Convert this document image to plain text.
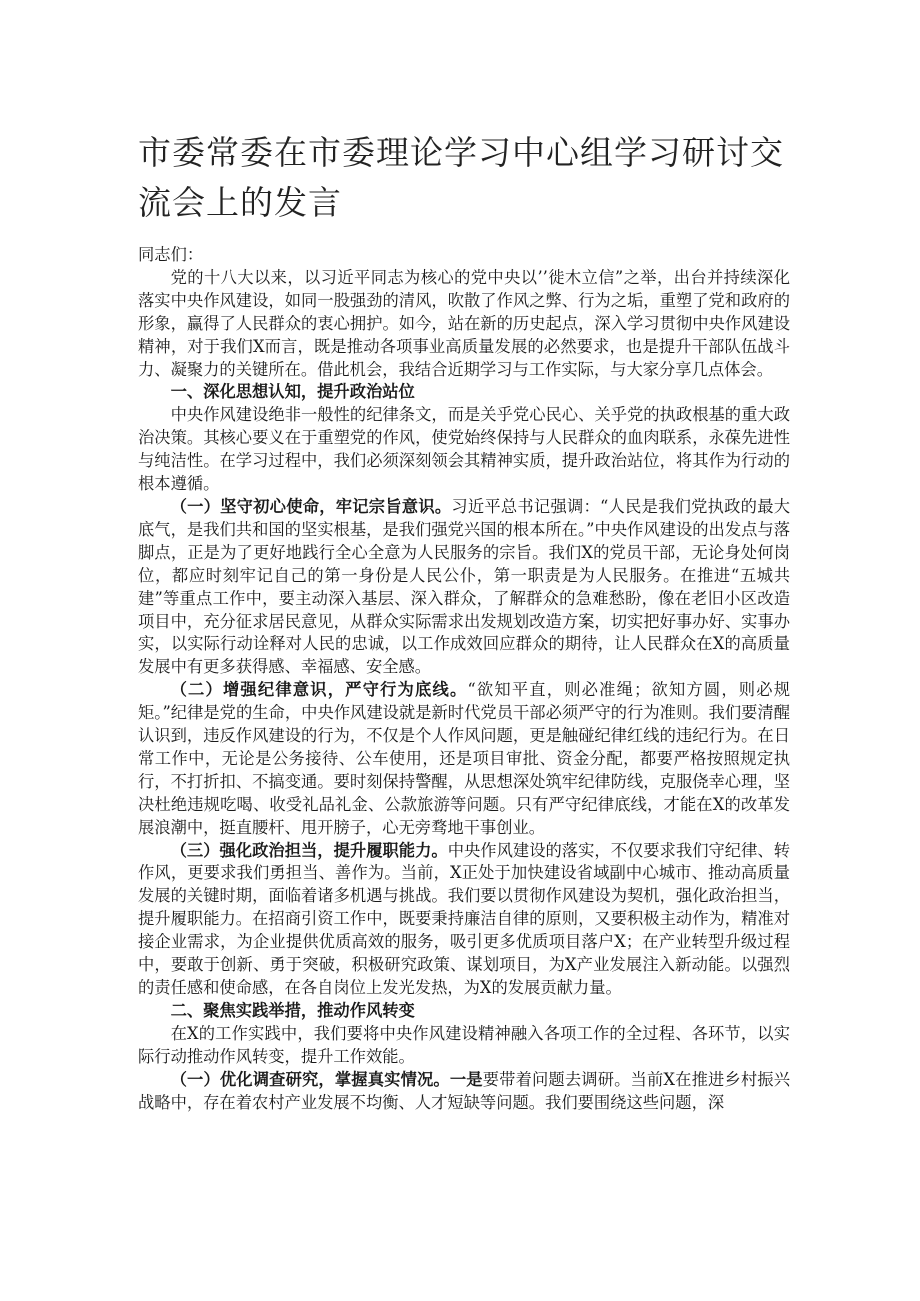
市委常委在市委理论学习中心组学习研讨交流会上的发言

同志们：

党的十八大以来，以习近平同志为核心的党中央以’’徙木立信”之举，出台并持续深化落实中央作风建设，如同一股强劲的清风，吹散了作风之弊、行为之垢，重塑了党和政府的形象，赢得了人民群众的衷心拥护。如今，站在新的历史起点，深入学习贯彻中央作风建设精神，对于我们X而言，既是推动各项事业高质量发展的必然要求，也是提升干部队伍战斗力、凝聚力的关键所在。借此机会，我结合近期学习与工作实际，与大家分享几点体会。

一、深化思想认知，提升政治站位

中央作风建设绝非一般性的纪律条文，而是关乎党心民心、关乎党的执政根基的重大政治决策。其核心要义在于重塑党的作风，使党始终保持与人民群众的血肉联系，永葆先进性与纯洁性。在学习过程中，我们必须深刻领会其精神实质，提升政治站位，将其作为行动的根本遵循。

（一）坚守初心使命，牢记宗旨意识。习近平总书记强调：“人民是我们党执政的最大底气，是我们共和国的坚实根基，是我们强党兴国的根本所在。”中央作风建设的出发点与落脚点，正是为了更好地践行全心全意为人民服务的宗旨。我们X的党员干部，无论身处何岗位，都应时刻牢记自己的第一身份是人民公仆，第一职责是为人民服务。在推进“五城共建”等重点工作中，要主动深入基层、深入群众，了解群众的急难愁盼，像在老旧小区改造项目中，充分征求居民意见，从群众实际需求出发规划改造方案，切实把好事办好、实事办实，以实际行动诠释对人民的忠诚，以工作成效回应群众的期待，让人民群众在X的高质量发展中有更多获得感、幸福感、安全感。

（二）增强纪律意识，严守行为底线。“欲知平直，则必准绳；欲知方圆，则必规矩。”纪律是党的生命，中央作风建设就是新时代党员干部必须严守的行为准则。我们要清醒认识到，违反作风建设的行为，不仅是个人作风问题，更是触碰纪律红线的违纪行为。在日常工作中，无论是公务接待、公车使用，还是项目审批、资金分配，都要严格按照规定执行，不打折扣、不搞变通。要时刻保持警醒，从思想深处筑牢纪律防线，克服侥幸心理，坚决杜绝违规吃喝、收受礼品礼金、公款旅游等问题。只有严守纪律底线，才能在X的改革发展浪潮中，挺直腰杆、甩开膀子，心无旁骛地干事创业。

（三）强化政治担当，提升履职能力。中央作风建设的落实，不仅要求我们守纪律、转作风，更要求我们勇担当、善作为。当前，X正处于加快建设省域副中心城市、推动高质量发展的关键时期，面临着诸多机遇与挑战。我们要以贯彻作风建设为契机，强化政治担当，提升履职能力。在招商引资工作中，既要秉持廉洁自律的原则，又要积极主动作为，精准对接企业需求，为企业提供优质高效的服务，吸引更多优质项目落户X；在产业转型升级过程中，要敢于创新、勇于突破，积极研究政策、谋划项目，为X产业发展注入新动能。以强烈的责任感和使命感，在各自岗位上发光发热，为X的发展贡献力量。

二、聚焦实践举措，推动作风转变

在X的工作实践中，我们要将中央作风建设精神融入各项工作的全过程、各环节，以实际行动推动作风转变，提升工作效能。

（一）优化调查研究，掌握真实情况。一是要带着问题去调研。当前X在推进乡村振兴战略中，存在着农村产业发展不均衡、人才短缺等问题。我们要围绕这些问题，深
